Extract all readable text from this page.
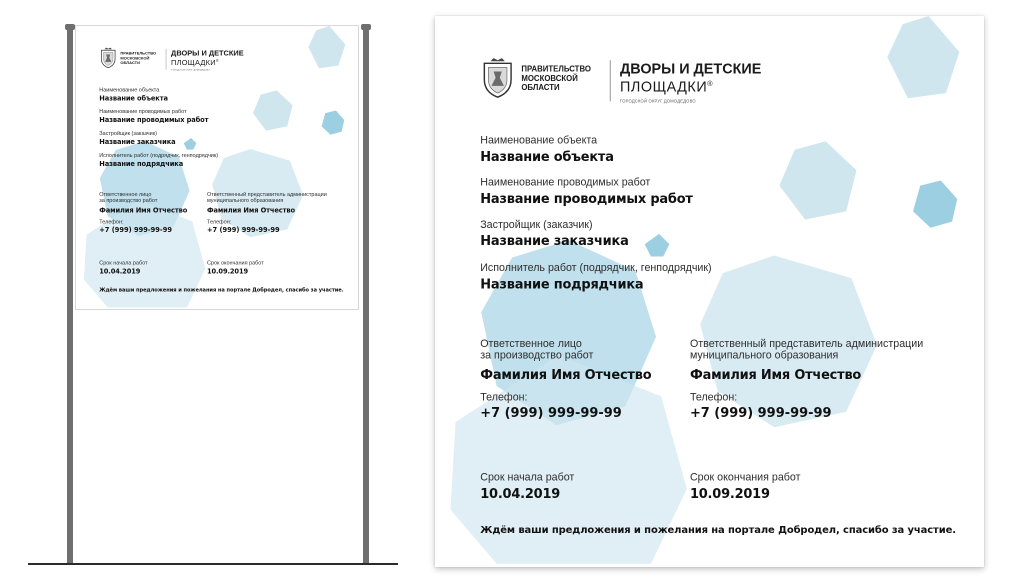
ПРАВИТЕЛЬСТВО
МОСКОВСКОЙ
ОБЛАСТИ
ДВОРЫ И ДЕТСКИЕ
ПЛОЩАДКИ®
ГОРОДСКОЙ ОКРУГ ДОМОДЕДОВО
Наименование объекта
Название объекта
Наименование проводимых работ
Название проводимых работ
Застройщик (заказчик)
Название заказчика
Исполнитель работ (подрядчик, генподрядчик)
Название подрядчика
Ответственное лицо
за производство работ
Фамилия Имя Отчество
Ответственный представитель администрации
муниципального образования
Фамилия Имя Отчество
Телефон:
+7 (999) 999-99-99
Телефон:
+7 (999) 999-99-99
Срок начала работ
10.04.2019
Срок окончания работ
10.09.2019
Ждём ваши предложения и пожелания на портале Добродел, спасибо за участие.
ПРАВИТЕЛЬСТВО
МОСКОВСКОЙ
ОБЛАСТИ
ДВОРЫ И ДЕТСКИЕ
ПЛОЩАДКИ®
ГОРОДСКОЙ ОКРУГ ДОМОДЕДОВО
Наименование объекта
Название объекта
Наименование проводимых работ
Название проводимых работ
Застройщик (заказчик)
Название заказчика
Исполнитель работ (подрядчик, генподрядчик)
Название подрядчика
Ответственное лицо
за производство работ
Фамилия Имя Отчество
Ответственный представитель администрации
муниципального образования
Фамилия Имя Отчество
Телефон:
+7 (999) 999-99-99
Телефон:
+7 (999) 999-99-99
Срок начала работ
10.04.2019
Срок окончания работ
10.09.2019
Ждём ваши предложения и пожелания на портале Добродел, спасибо за участие.
